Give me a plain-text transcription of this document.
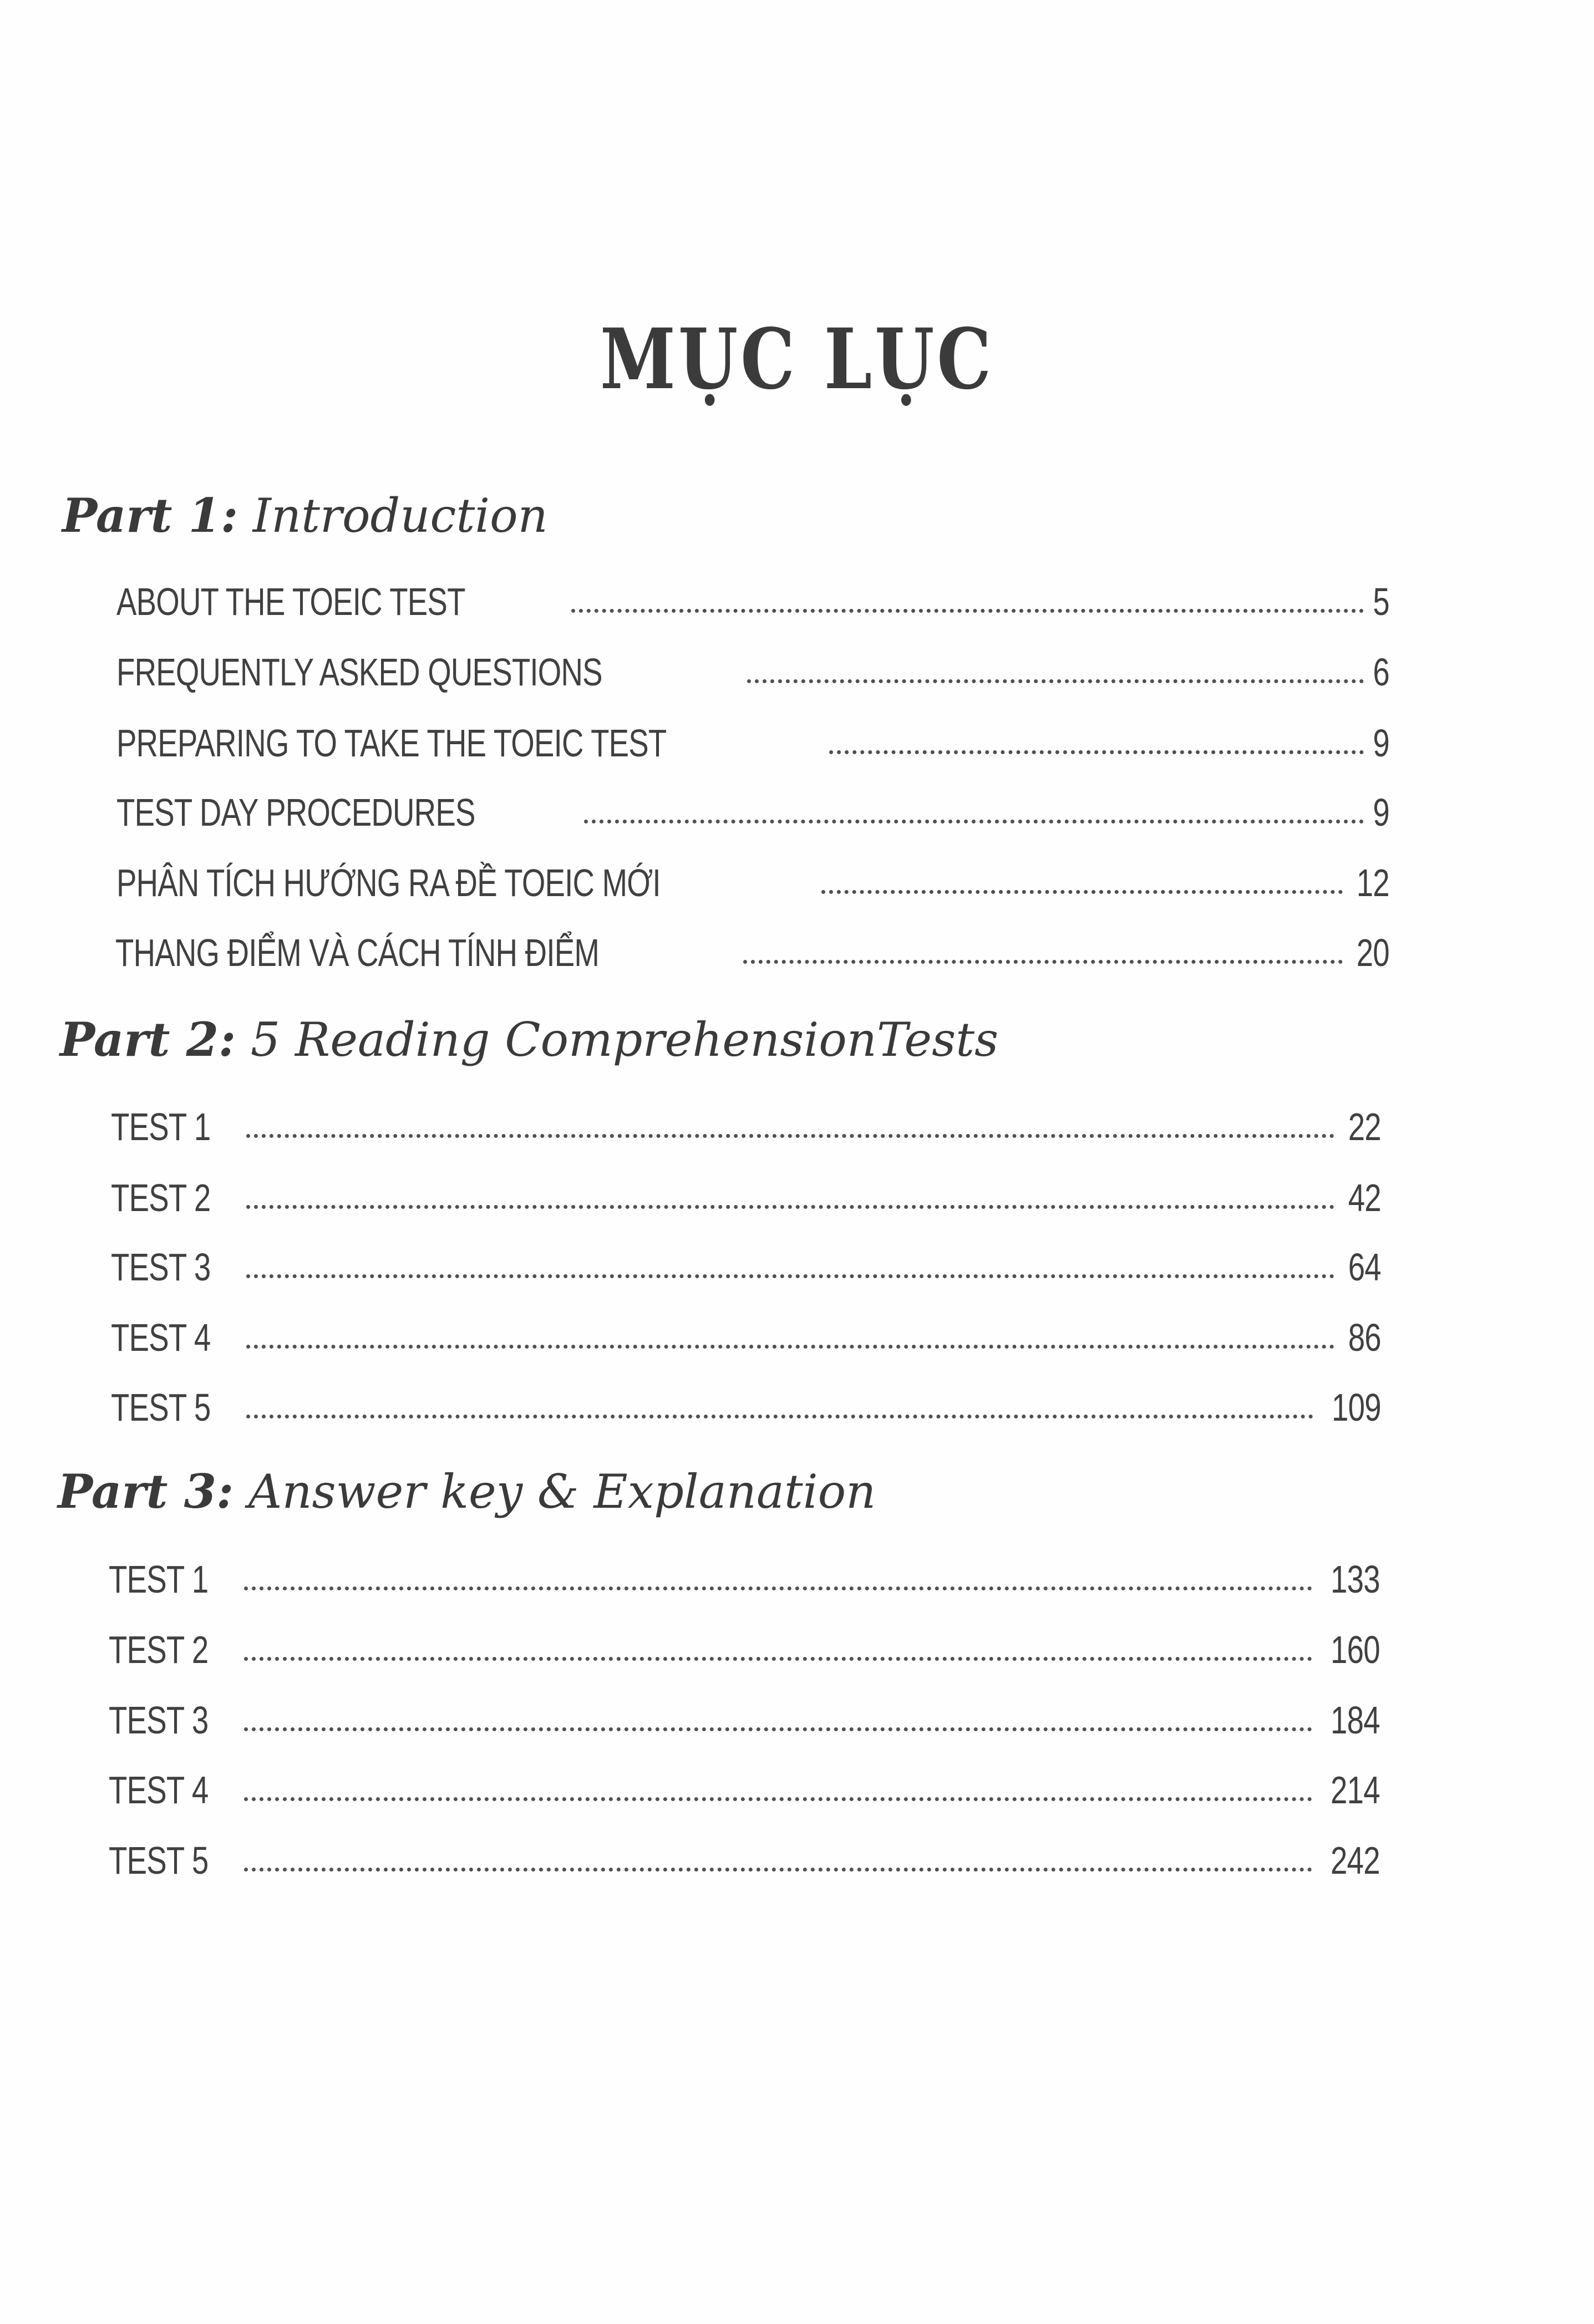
MỤC LỤC
Part 1: Introduction
ABOUT THE TOEIC TEST	5
FREQUENTLY ASKED QUESTIONS	6
PREPARING TO TAKE THE TOEIC TEST	9
TEST DAY PROCEDURES	9
PHÂN TÍCH HƯỚNG RA ĐỀ TOEIC MỚI	12
THANG ĐIỂM VÀ CÁCH TÍNH ĐIỂM	20
Part 2: 5 Reading ComprehensionTests
TEST 1	22
TEST 2	42
TEST 3	64
TEST 4	86
TEST 5	109
Part 3: Answer key & Explanation
TEST 1	133
TEST 2	160
TEST 3	184
TEST 4	214
TEST 5	242
